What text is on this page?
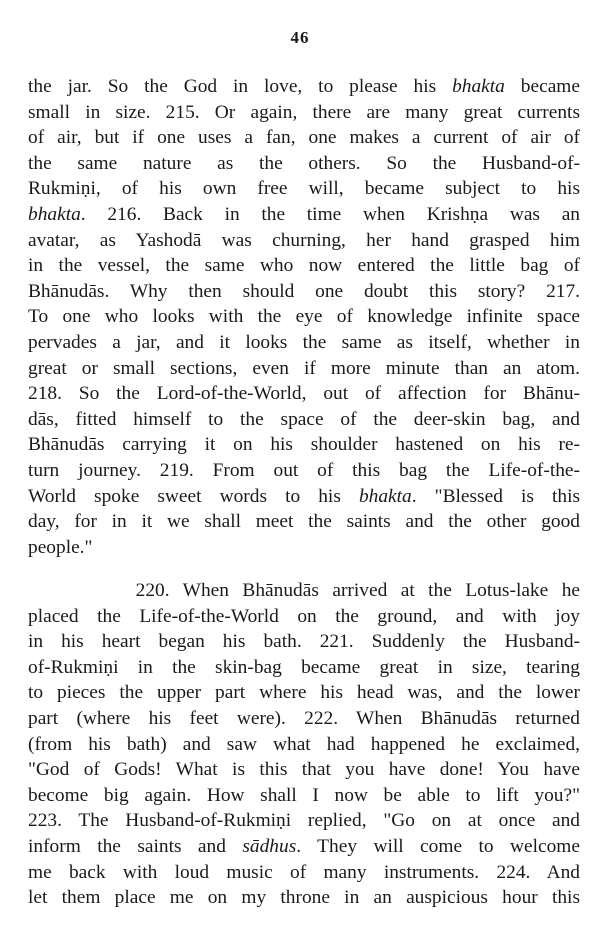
46
the jar. So the God in love, to please his bhakta became
small in size. 215. Or again, there are many great currents
of air, but if one uses a fan, one makes a current of air of
the same nature as the others. So the Husband-of-
Rukmiṇi, of his own free will, became subject to his
bhakta. 216. Back in the time when Krishṇa was an
avatar, as Yashodā was churning, her hand grasped him
in the vessel, the same who now entered the little bag of
Bhānudās. Why then should one doubt this story? 217.
To one who looks with the eye of knowledge infinite space
pervades a jar, and it looks the same as itself, whether in
great or small sections, even if more minute than an atom.
218. So the Lord-of-the-World, out of affection for Bhānu-
dās, fitted himself to the space of the deer-skin bag, and
Bhānudās carrying it on his shoulder hastened on his re-
turn journey. 219. From out of this bag the Life-of-the-
World spoke sweet words to his bhakta. "Blessed is this
day, for in it we shall meet the saints and the other good
people."
220. When Bhānudās arrived at the Lotus-lake he
placed the Life-of-the-World on the ground, and with joy
in his heart began his bath. 221. Suddenly the Husband-
of-Rukmiṇi in the skin-bag became great in size, tearing
to pieces the upper part where his head was, and the lower
part (where his feet were). 222. When Bhānudās returned
(from his bath) and saw what had happened he exclaimed,
"God of Gods! What is this that you have done! You have
become big again. How shall I now be able to lift you?"
223. The Husband-of-Rukmiṇi replied, "Go on at once and
inform the saints and sādhus. They will come to welcome
me back with loud music of many instruments. 224. And
let them place me on my throne in an auspicious hour this
